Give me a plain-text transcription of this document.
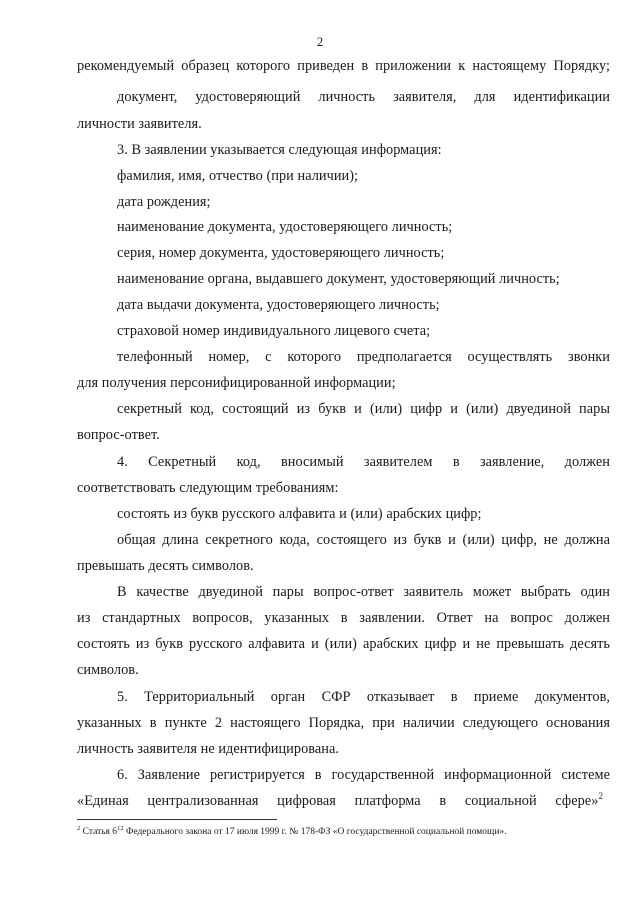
2
рекомендуемый образец которого приведен в приложении к настоящему Порядку;
документ, удостоверяющий личность заявителя, для идентификации
личности заявителя.
3. В заявлении указывается следующая информация:
фамилия, имя, отчество (при наличии);
дата рождения;
наименование документа, удостоверяющего личность;
серия, номер документа, удостоверяющего личность;
наименование органа, выдавшего документ, удостоверяющий личность;
дата выдачи документа, удостоверяющего личность;
страховой номер индивидуального лицевого счета;
телефонный номер, с которого предполагается осуществлять звонки
для получения персонифицированной информации;
секретный код, состоящий из букв и (или) цифр и (или) двуединой пары
вопрос-ответ.
4. Секретный код, вносимый заявителем в заявление, должен
соответствовать следующим требованиям:
состоять из букв русского алфавита и (или) арабских цифр;
общая длина секретного кода, состоящего из букв и (или) цифр, не должна
превышать десять символов.
В качестве двуединой пары вопрос-ответ заявитель может выбрать один
из стандартных вопросов, указанных в заявлении. Ответ на вопрос должен
состоять из букв русского алфавита и (или) арабских цифр и не превышать десять
символов.
5. Территориальный орган СФР отказывает в приеме документов,
указанных в пункте 2 настоящего Порядка, при наличии следующего основания
личность заявителя не идентифицирована.
6. Заявление регистрируется в государственной информационной системе
«Единая централизованная цифровая платформа в социальной сфере»$^2$
$^2$ Статья $6^{12}$ Федерального закона от 17 июля 1999 г. № 178-ФЗ «О государственной социальной помощи».
